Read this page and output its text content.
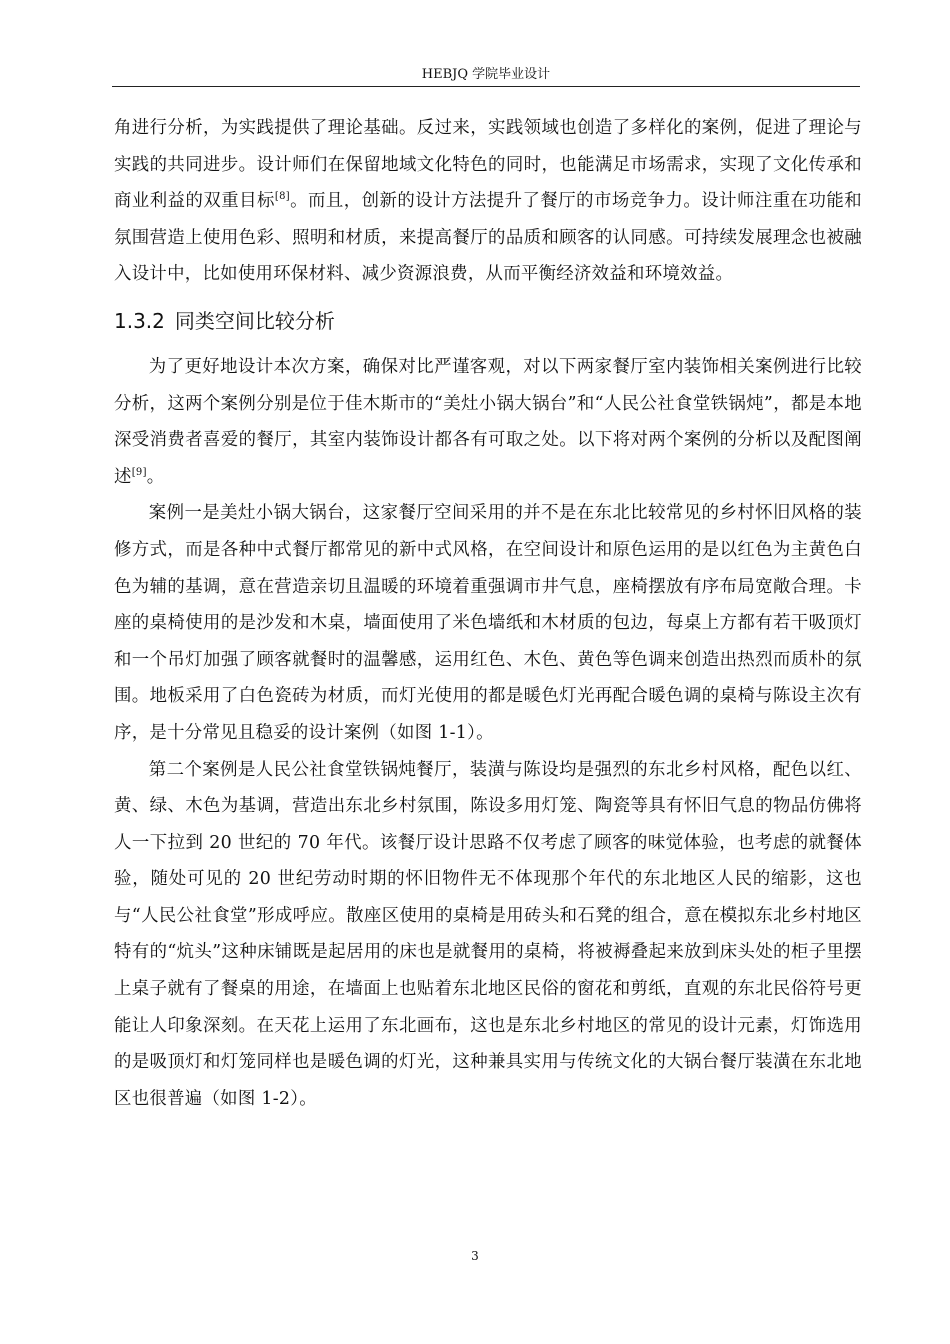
HEBJQ 学院毕业设计

角进行分析，为实践提供了理论基础。反过来，实践领域也创造了多样化的案例，促进了理论与实践的共同进步。设计师们在保留地域文化特色的同时，也能满足市场需求，实现了文化传承和商业利益的双重目标[8]。而且，创新的设计方法提升了餐厅的市场竞争力。设计师注重在功能和氛围营造上使用色彩、照明和材质，来提高餐厅的品质和顾客的认同感。可持续发展理念也被融入设计中，比如使用环保材料、减少资源浪费，从而平衡经济效益和环境效益。

1.3.2 同类空间比较分析

为了更好地设计本次方案，确保对比严谨客观，对以下两家餐厅室内装饰相关案例进行比较分析，这两个案例分别是位于佳木斯市的“美灶小锅大锅台”和“人民公社食堂铁锅炖”，都是本地深受消费者喜爱的餐厅，其室内装饰设计都各有可取之处。以下将对两个案例的分析以及配图阐述[9]。

案例一是美灶小锅大锅台，这家餐厅空间采用的并不是在东北比较常见的乡村怀旧风格的装修方式，而是各种中式餐厅都常见的新中式风格，在空间设计和原色运用的是以红色为主黄色白色为辅的基调，意在营造亲切且温暖的环境着重强调市井气息，座椅摆放有序布局宽敞合理。卡座的桌椅使用的是沙发和木桌，墙面使用了米色墙纸和木材质的包边，每桌上方都有若干吸顶灯和一个吊灯加强了顾客就餐时的温馨感，运用红色、木色、黄色等色调来创造出热烈而质朴的氛围。地板采用了白色瓷砖为材质，而灯光使用的都是暖色灯光再配合暖色调的桌椅与陈设主次有序，是十分常见且稳妥的设计案例（如图 1-1）。

第二个案例是人民公社食堂铁锅炖餐厅，装潢与陈设均是强烈的东北乡村风格，配色以红、黄、绿、木色为基调，营造出东北乡村氛围，陈设多用灯笼、陶瓷等具有怀旧气息的物品仿佛将人一下拉到 20 世纪的 70 年代。该餐厅设计思路不仅考虑了顾客的味觉体验，也考虑的就餐体验，随处可见的 20 世纪劳动时期的怀旧物件无不体现那个年代的东北地区人民的缩影，这也与“人民公社食堂”形成呼应。散座区使用的桌椅是用砖头和石凳的组合，意在模拟东北乡村地区特有的“炕头”这种床铺既是起居用的床也是就餐用的桌椅，将被褥叠起来放到床头处的柜子里摆上桌子就有了餐桌的用途，在墙面上也贴着东北地区民俗的窗花和剪纸，直观的东北民俗符号更能让人印象深刻。在天花上运用了东北画布，这也是东北乡村地区的常见的设计元素，灯饰选用的是吸顶灯和灯笼同样也是暖色调的灯光，这种兼具实用与传统文化的大锅台餐厅装潢在东北地区也很普遍（如图 1-2）。

3
